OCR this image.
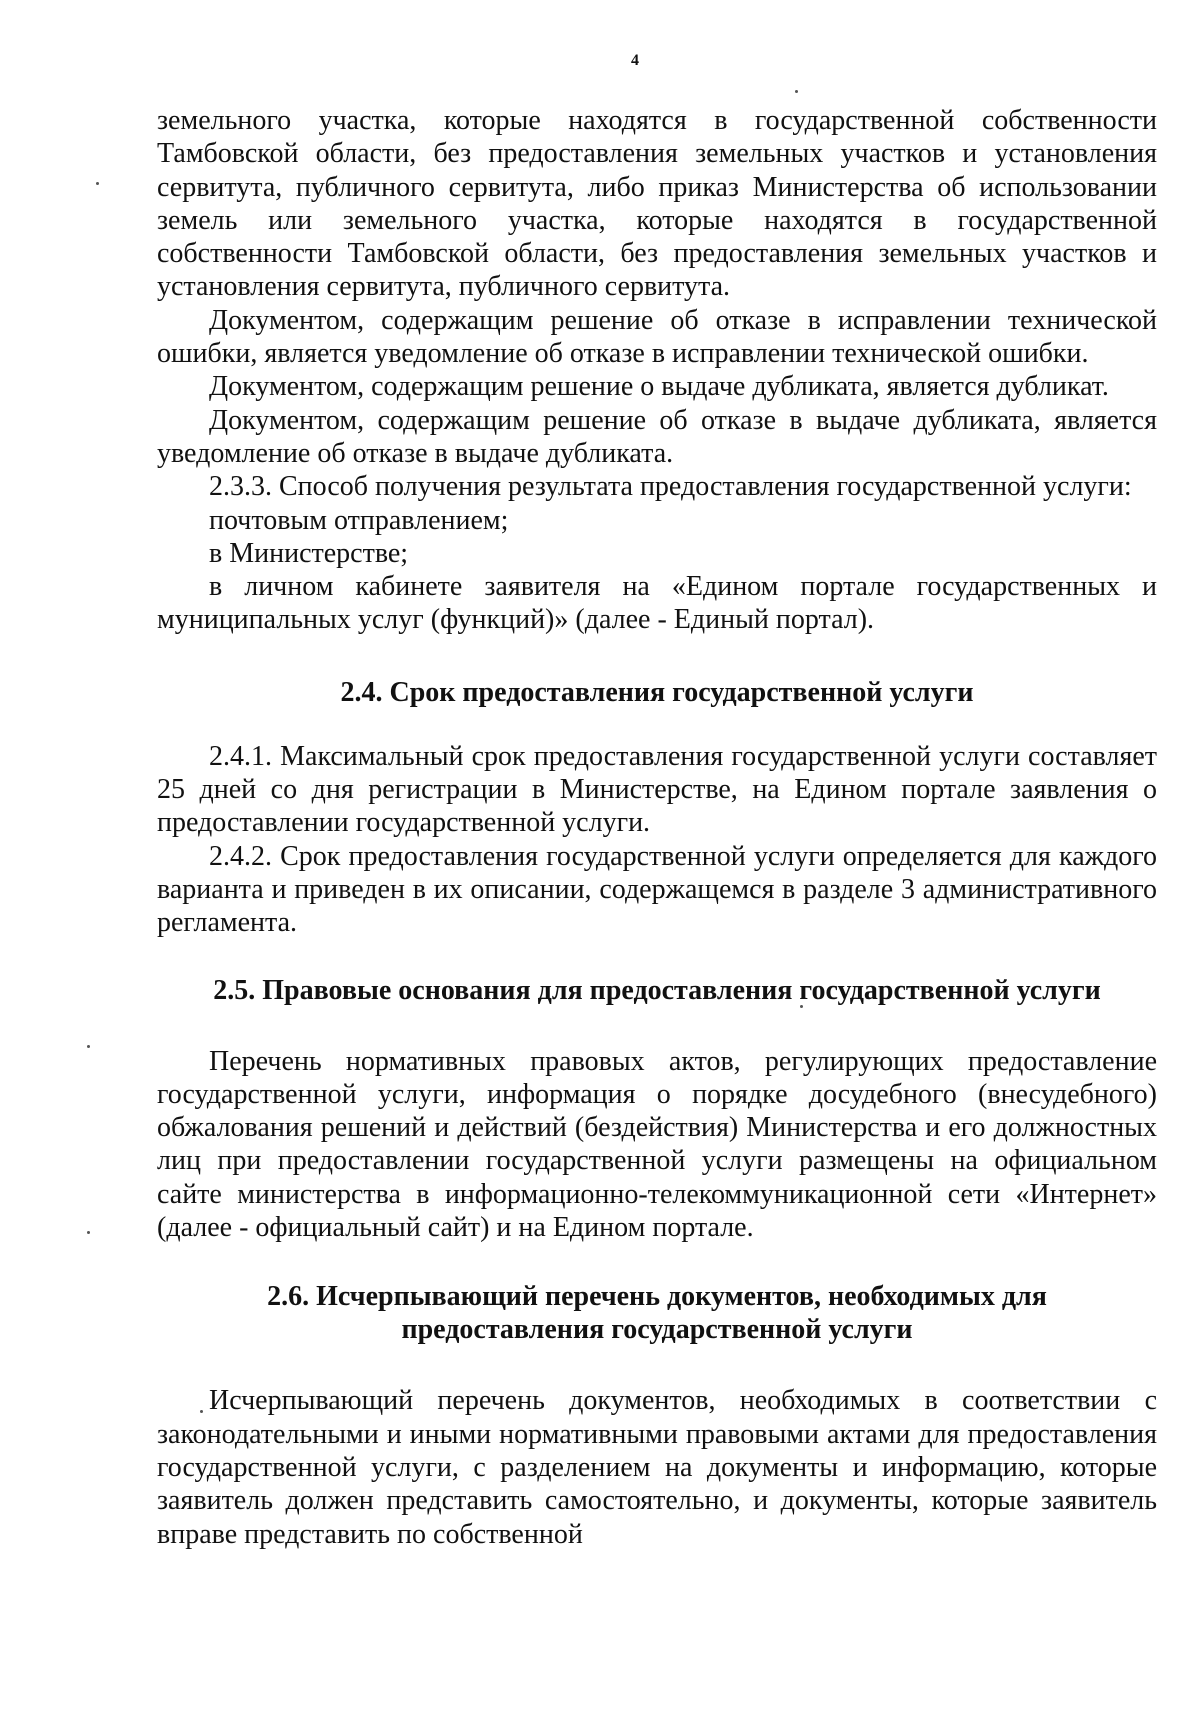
4

земельного участка, которые находятся в государственной собственности Тамбовской области, без предоставления земельных участков и установления сервитута, публичного сервитута, либо приказ Министерства об использовании земель или земельного участка, которые находятся в государственной собственности Тамбовской области, без предоставления земельных участков и установления сервитута, публичного сервитута.

Документом, содержащим решение об отказе в исправлении технической ошибки, является уведомление об отказе в исправлении технической ошибки.

Документом, содержащим решение о выдаче дубликата, является дубликат.

Документом, содержащим решение об отказе в выдаче дубликата, является уведомление об отказе в выдаче дубликата.

2.3.3. Способ получения результата предоставления государственной услуги:

почтовым отправлением;

в Министерстве;

в личном кабинете заявителя на «Едином портале государственных и муниципальных услуг (функций)» (далее - Единый портал).

2.4. Срок предоставления государственной услуги

2.4.1. Максимальный срок предоставления государственной услуги составляет 25 дней со дня регистрации в Министерстве, на Едином портале заявления о предоставлении государственной услуги.

2.4.2. Срок предоставления государственной услуги определяется для каждого варианта и приведен в их описании, содержащемся в разделе 3 административного регламента.

2.5. Правовые основания для предоставления государственной услуги

Перечень нормативных правовых актов, регулирующих предоставление государственной услуги, информация о порядке досудебного (внесудебного) обжалования решений и действий (бездействия) Министерства и его должностных лиц при предоставлении государственной услуги размещены на официальном сайте министерства в информационно-телекоммуникационной сети «Интернет» (далее - официальный сайт) и на Едином портале.

2.6. Исчерпывающий перечень документов, необходимых для предоставления государственной услуги

Исчерпывающий перечень документов, необходимых в соответствии с законодательными и иными нормативными правовыми актами для предоставления государственной услуги, с разделением на документы и информацию, которые заявитель должен представить самостоятельно, и документы, которые заявитель вправе представить по собственной
